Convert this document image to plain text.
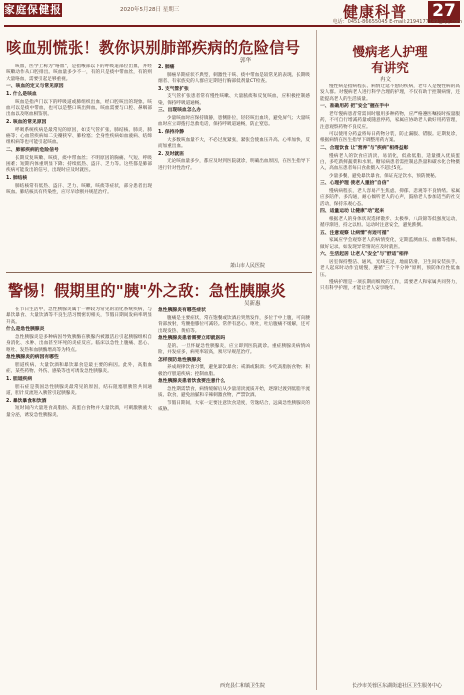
家庭保健报	2020年5月28日 星期三	健康科普 27
电话：0451-86655045 E-mail:2194177149@qq.com
咳血别慌张！教你识别肺部疾病的危险信号
郭华

咳血，医学上称为"咯血"，是指喉部以下的呼吸道部位出血，并经咳嗽动作从口腔排出。咳血量多少不一，有的只是痰中带血丝，有的则大量咯血，需要引起足够重视。

一、咳血的定义与常见原因

1. 什么是咳血

咳血是指声门以下的呼吸道或肺组织出血，经口腔咳出的现象。咳血可以是痰中带血，也可以是整口咳出鲜血。咳血需要与口腔、鼻咽部出血以及呕血相鉴别。

2. 咳血的常见原因

呼吸系统疾病是最常见的原因，如支气管扩张、肺结核、肺炎、肺癌等；心血管疾病如二尖瓣狭窄、肺栓塞；全身性疾病如血液病、结缔组织病等也可能引起咳血。

二、肺部疾病的危险信号

长期反复咳嗽、咳痰，痰中带血丝；不明原因的胸痛、气短、呼吸困难；短期内体重明显下降；持续低热、盗汗、乏力等。这些都是肺部疾病可能发出的信号，出现时应及时就医。

1. 肺结核

肺结核常有低热、盗汗、乏力、咳嗽、咳痰等症状，部分患者出现咳血。肺结核具有传染性，应尽早诊断并规范治疗。

2. 肺癌

肺癌早期症状不典型，刺激性干咳、痰中带血是较常见的表现。长期吸烟者、有家族史的人群应定期进行胸部低剂量CT检查。

3. 支气管扩张

支气管扩张患者常有慢性咳嗽、大量脓痰和反复咳血，应积极控制感染，保持呼吸道通畅。

三、出现咳血怎么办

少量咳血时应保持镇静，患侧卧位，轻轻咳出血块，避免屏气；大量咳血时应立即拨打急救电话，保持呼吸道通畅，防止窒息。

1. 保持冷静

大多数咳血量不大，不必过度紧张，紧张会使血压升高、心率加快，反而加重出血。

2. 及时就医

无论咳血量多少，都应及时到医院就诊，明确出血原因，在医生指导下进行针对性治疗。

萧山市人民医院
警惕！假期里的"胰"外之敌：急性胰腺炎
吴新惠

在节日生活中，急性胰腺炎属于一种较为常见的消化系统疾病，与暴饮暴食、大量饮酒等不良生活习惯密切相关，节假日期间发病率明显升高。

什么是急性胰腺炎

急性胰腺炎是多种病因导致胰酶在胰腺内被激活后引起胰腺组织自身消化、水肿、出血甚至坏死的炎症反应。临床以急性上腹痛、恶心、呕吐、发热和血胰酶增高等为特点。

急性胰腺炎的病因有哪些

胆道疾病、大量饮酒和暴饮暴食是最主要的病因。此外，高脂血症、某些药物、外伤、感染等也可诱发急性胰腺炎。

1. 胆道疾病

胆石症是我国急性胰腺炎最常见的原因，结石阻塞胆胰管共同通道，胆汁反流进入胰管引起胰腺炎。

2. 暴饮暴食和饮酒

短时间内大量进食高脂肪、高蛋白食物并大量饮酒，可刺激胰液大量分泌，诱发急性胰腺炎。

急性胰腺炎有哪些症状

腹痛是主要症状，常在饱餐或饮酒后突然发作，多位于中上腹，可向腰背部放射，弯腰抱膝位可减轻。常伴有恶心、呕吐，吐后腹痛不缓解，还可出现发热、黄疸等。

急性胰腺炎患者需要立即就医吗

是的。一旦怀疑急性胰腺炎，应立即到医院就诊。重症胰腺炎病情凶险，并发症多，病死率较高，须尽早规范治疗。

怎样预防急性胰腺炎

养成规律饮食习惯，避免暴饮暴食；戒酒或限酒；少吃高脂肪食物；积极治疗胆道疾病；控制血脂。

急性胰腺炎患者饮食要注意什么

急性期需禁食，病情缓解后从少量清淡流质开始，逐渐过渡到低脂半流质、软食，避免油腻和辛辣刺激食物，严禁饮酒。

节假日期间，大家一定要注意饮食适度，劳逸结合，远离急性胰腺炎的威胁。

西充县仁和镇卫生院
慢病老人护理
有讲究
冉文

慢性病是指病程长、病情迁延不愈的疾病，老年人是慢性病的高发人群。对慢病老人进行科学合理的护理，不仅有助于控制病情，还能提高老人的生活质量。

一、准确用药 把"安全"握在手中

老年慢病患者常需同时服用多种药物，应严格遵医嘱按时按量服药，不可自行增减药量或随意停药，家属应协助老人做好用药管理，注意观察药物不良反应。

可以使用分药盒将每日药物分装，防止漏服、错服。定期复诊，根据病情在医生指导下调整用药方案。

二、合理饮食 让"营养"与"疾病"相得益彰

慢病老人的饮食应清淡、易消化，低盐低脂，适量摄入优质蛋白，多吃新鲜蔬菜和水果。糖尿病患者需控制总热量和碳水化合物摄入，高血压患者每日食盐摄入不超过5克。

少量多餐，避免暴饮暴食。保证充足饮水，预防便秘。

三、心理护理 使老人重拾"自信"

慢病病程长，老人容易产生焦虑、抑郁、悲观等不良情绪。家属应多陪伴、多沟通，耐心倾听老人的心声，鼓励老人参加适当的社交活动，保持乐观心态。

四、适量运动 让健康"动"起来

根据老人的身体状况选择散步、太极拳、八段锦等低强度运动，循序渐进，持之以恒。运动时注意安全，避免跌倒。

五、注意观察 让病情"有迹可循"

家属应学会观察老人的病情变化，定期监测血压、血糖等指标，做好记录。如发现异常情况应及时就医。

六、生活起居 让老人"安全"与"舒适"相伴

居室保持整洁、通风，光线充足，地面防滑，卫生间安装扶手。老人起床时动作宜缓慢，遵循"三个半分钟"原则，预防体位性低血压。

慢病护理是一项长期而细致的工作，需要老人和家属共同努力，只有科学护理，才能让老人安享晚年。

长沙市芙蓉区东湖街道社区卫生服务中心
